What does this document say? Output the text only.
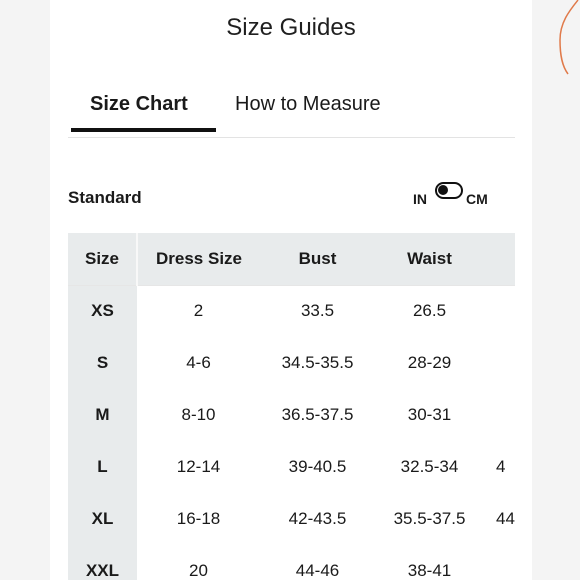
Size Guides
Size Chart How to Measure
Standard	IN	CM
Size	Dress Size	Bust	Waist	
XS	2	33.5	26.5	
S	4-6	34.5-35.5	28-29	
M	8-10	36.5-37.5	30-31	
L	12-14	39-40.5	32.5-34	4
XL	16-18	42-43.5	35.5-37.5	44
XXL	20	44-46	38-41	
